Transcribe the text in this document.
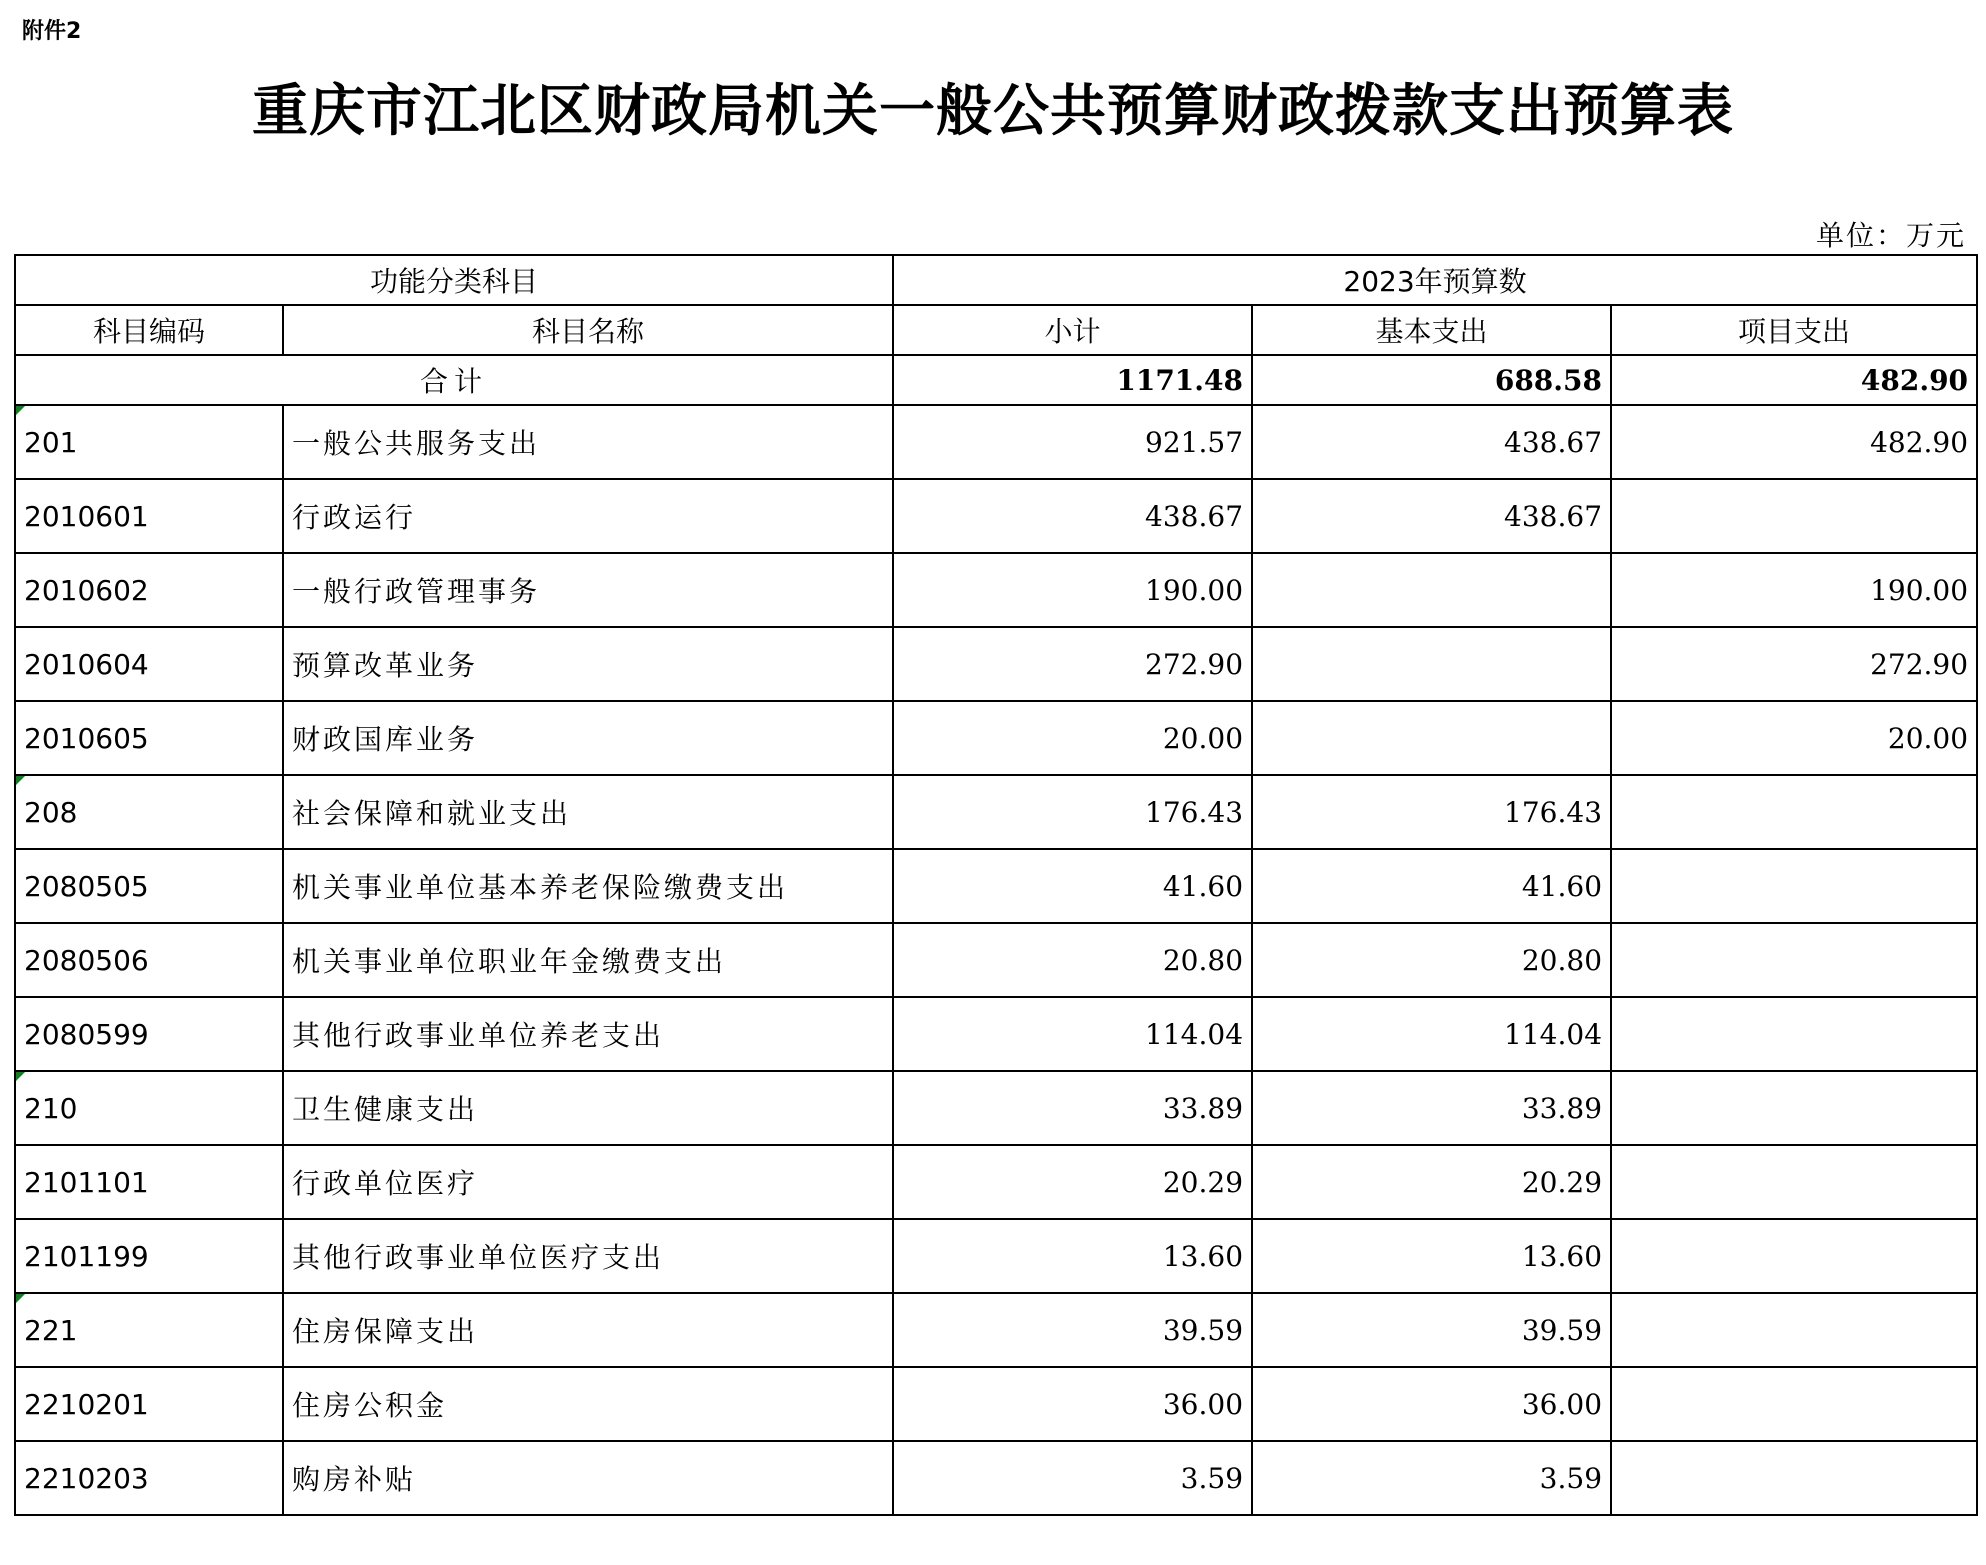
附件2
重庆市江北区财政局机关一般公共预算财政拨款支出预算表
单位：万元
功能分类科目		2023年预算数		
科目编码	科目名称	小计	基本支出	项目支出
合计		1171.48	688.58	482.90

201	一般公共服务支出	921.57	438.67	482.90
2010601	行政运行	438.67	438.67	
2010602	一般行政管理事务	190.00		190.00
2010604	预算改革业务	272.90		272.90
2010605	财政国库业务	20.00		20.00

208	社会保障和就业支出	176.43	176.43	
2080505	机关事业单位基本养老保险缴费支出	41.60	41.60	
2080506	机关事业单位职业年金缴费支出	20.80	20.80	
2080599	其他行政事业单位养老支出	114.04	114.04	

210	卫生健康支出	33.89	33.89	
2101101	行政单位医疗	20.29	20.29	
2101199	其他行政事业单位医疗支出	13.60	13.60	

221	住房保障支出	39.59	39.59	
2210201	住房公积金	36.00	36.00	
2210203	购房补贴	3.59	3.59	
